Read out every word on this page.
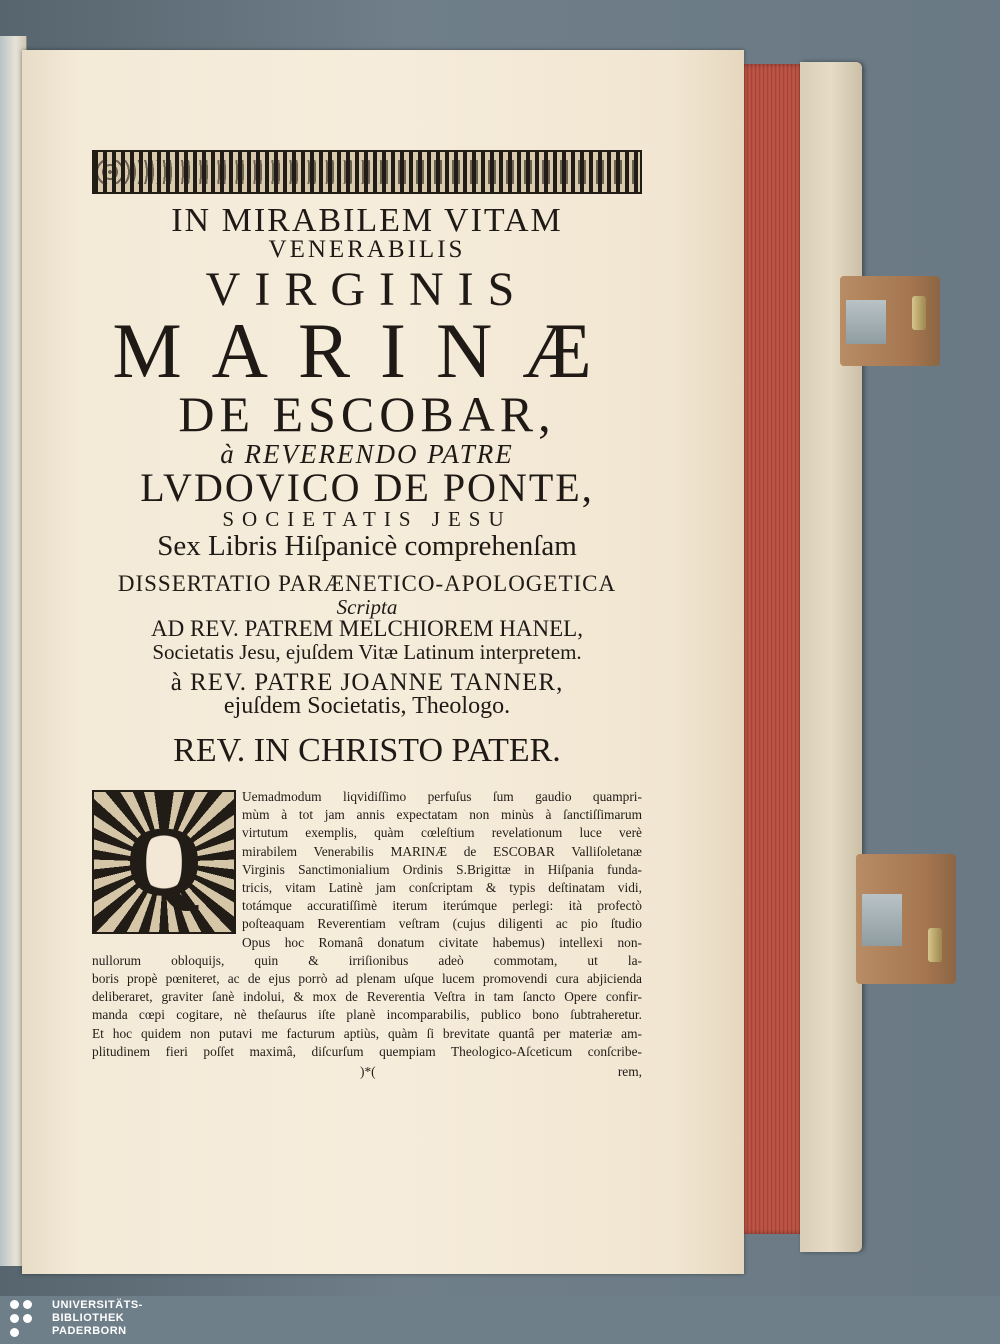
IN MIRABILEM VITAM
VENERABILIS
VIRGINIS
MARINÆ
DE ESCOBAR,
à REVERENDO PATRE
LVDOVICO DE PONTE,
SOCIETATIS JESU
Sex Libris Hiſpanicè comprehenſam
DISSERTATIO PARÆNETICO-APOLOGETICA
Scripta
AD REV. PATREM MELCHIOREM HANEL,
Societatis Jesu, ejuſdem Vitæ Latinum interpretem.
à REV. PATRE JOANNE TANNER,
ejuſdem Societatis, Theologo.
REV. IN CHRISTO PATER.
Q
Uemadmodum liqvidiſſimo perfuſus ſum gaudio quampri-
mùm à tot jam annis expectatam non minùs à ſanctiſſimarum
virtutum exemplis, quàm cœleſtium revelationum luce verè
mirabilem Venerabilis MARINÆ de ESCOBAR Valliſoletanæ
Virginis Sanctimonialium Ordinis S.Brigittæ in Hiſpania funda-
tricis, vitam Latinè jam conſcriptam & typis deſtinatam vidi,
totámque accuratiſſimè iterum iterúmque perlegi: ità profectò
poſteaquam Reverentiam veſtram (cujus diligenti ac pio ſtudio
Opus hoc Romanâ donatum civitate habemus) intellexi non-
nullorum obloquijs, quin & irriſionibus adeò commotam, ut la-
boris propè pœniteret, ac de ejus porrò ad plenam uſque lucem promovendi cura abjicienda
deliberaret, graviter ſanè indolui, & mox de Reverentia Veſtra in tam ſancto Opere confir-
manda cœpi cogitare, nè theſaurus iſte planè incomparabilis, publico bono ſubtraheretur.
Et hoc quidem non putavi me facturum aptiùs, quàm ſi brevitate quantâ per materiæ am-
plitudinem fieri poſſet maximâ, diſcurſum quempiam Theologico-Aſceticum conſcribe-
)*(	rem,
UNIVERSITÄTS-
BIBLIOTHEK
PADERBORN
